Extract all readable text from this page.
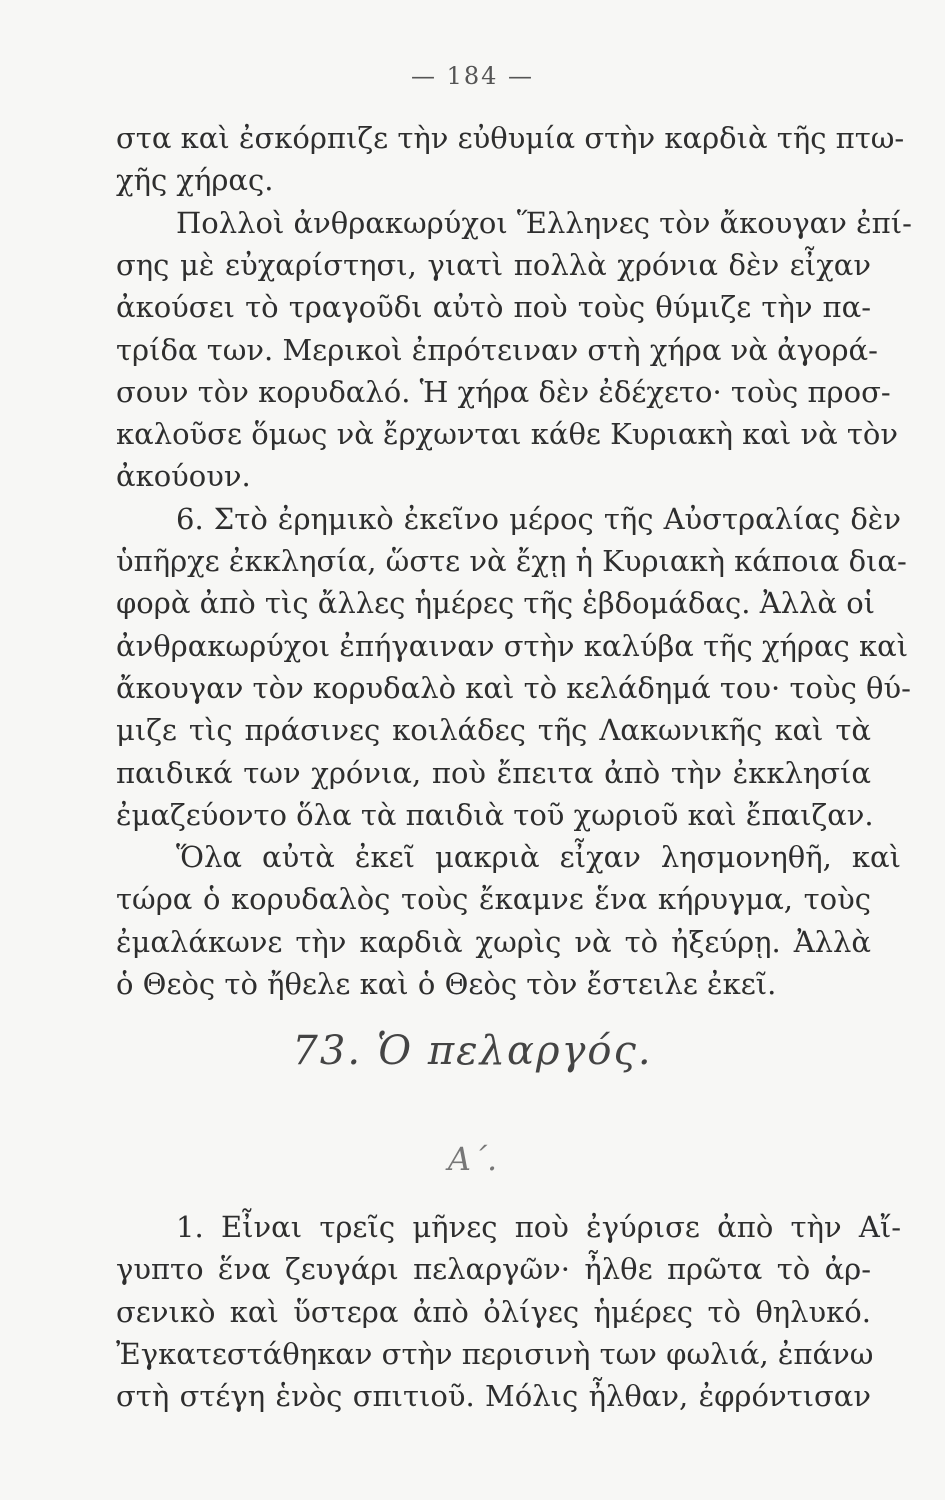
— 184 —
στα καὶ ἐσκόρπιζε τὴν εὐθυμία στὴν καρδιὰ τῆς πτω-
χῆς χήρας.
Πολλοὶ ἀνθρακωρύχοι Ἕλληνες τὸν ἄκουγαν ἐπί-
σης μὲ εὐχαρίστησι, γιατὶ πολλὰ χρόνια δὲν εἶχαν
ἀκούσει τὸ τραγοῦδι αὐτὸ ποὺ τοὺς θύμιζε τὴν πα-
τρίδα των. Μερικοὶ ἐπρότειναν στὴ χήρα νὰ ἀγορά-
σουν τὸν κορυδαλό. Ἡ χήρα δὲν ἐδέχετο· τοὺς προσ-
καλοῦσε ὅμως νὰ ἔρχωνται κάθε Κυριακὴ καὶ νὰ τὸν
ἀκούουν.
6. Στὸ ἐρημικὸ ἐκεῖνο μέρος τῆς Αὐστραλίας δὲν
ὑπῆρχε ἐκκλησία, ὥστε νὰ ἔχῃ ἡ Κυριακὴ κάποια δια-
φορὰ ἀπὸ τὶς ἄλλες ἡμέρες τῆς ἑβδομάδας. Ἀλλὰ οἱ
ἀνθρακωρύχοι ἐπήγαιναν στὴν καλύβα τῆς χήρας καὶ
ἄκουγαν τὸν κορυδαλὸ καὶ τὸ κελάδημά του· τοὺς θύ-
μιζε τὶς πράσινες κοιλάδες τῆς Λακωνικῆς καὶ τὰ
παιδικά των χρόνια, ποὺ ἔπειτα ἀπὸ τὴν ἐκκλησία
ἐμαζεύοντο ὅλα τὰ παιδιὰ τοῦ χωριοῦ καὶ ἔπαιζαν.
Ὅλα αὐτὰ ἐκεῖ μακριὰ εἶχαν λησμονηθῆ, καὶ
τώρα ὁ κορυδαλὸς τοὺς ἔκαμνε ἕνα κήρυγμα, τοὺς
ἐμαλάκωνε τὴν καρδιὰ χωρὶς νὰ τὸ ἠξεύρῃ. Ἀλλὰ
ὁ Θεὸς τὸ ἤθελε καὶ ὁ Θεὸς τὸν ἔστειλε ἐκεῖ.
73. Ὁ πελαργός.
Α΄.
1. Εἶναι τρεῖς μῆνες ποὺ ἐγύρισε ἀπὸ τὴν Αἴ-
γυπτο ἕνα ζευγάρι πελαργῶν· ἦλθε πρῶτα τὸ ἀρ-
σενικὸ καὶ ὕστερα ἀπὸ ὀλίγες ἡμέρες τὸ θηλυκό.
Ἐγκατεστάθηκαν στὴν περισινὴ των φωλιά, ἐπάνω
στὴ στέγη ἑνὸς σπιτιοῦ. Μόλις ἦλθαν, ἐφρόντισαν
